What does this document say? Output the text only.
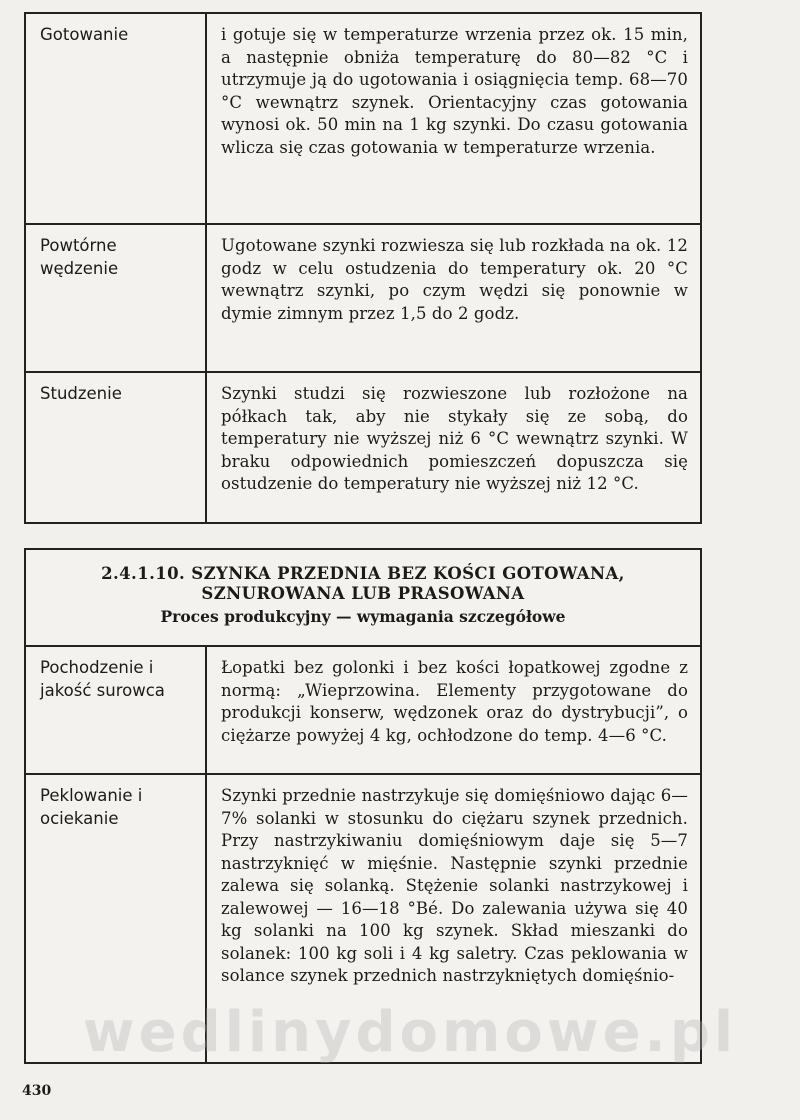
Gotowanie	i gotuje się w temperaturze wrzenia przez ok. 15 min, a następnie obniża temperaturę do 80—82 °C i utrzymuje ją do ugotowania i osiągnięcia temp. 68—70 °C wewnątrz szynek. Orientacyjny czas gotowania wynosi ok. 50 min na 1 kg szynki. Do czasu gotowania wlicza się czas gotowania w temperaturze wrzenia.
Powtórne wędzenie
Ugotowane szynki rozwiesza się lub rozkłada na ok. 12 godz w celu ostudzenia do temperatury ok. 20 °C wewnątrz szynki, po czym wędzi się ponownie w dymie zimnym przez 1,5 do 2 godz.
Studzenie	Szynki studzi się rozwieszone lub rozłożone na półkach tak, aby nie stykały się ze sobą, do temperatury nie wyższej niż 6 °C wewnątrz szynki. W braku odpowiednich pomieszczeń dopuszcza się ostudzenie do temperatury nie wyższej niż 12 °C.
2.4.1.10. SZYNKA PRZEDNIA BEZ KOŚCI GOTOWANA,
SZNUROWANA LUB PRASOWANA
Proces produkcyjny — wymagania szczegółowe
Pochodzenie i jakość surowca
Łopatki bez golonki i bez kości łopatkowej zgodne z normą: „Wieprzowina. Elementy przygotowane do produkcji konserw, wędzonek oraz do dystrybucji”, o ciężarze powyżej 4 kg, ochłodzone do temp. 4—6 °C.
Peklowanie i ociekanie
Szynki przednie nastrzykuje się domięśniowo dając 6—7% solanki w stosunku do ciężaru szynek przednich. Przy nastrzykiwaniu domięśniowym daje się 5—7 nastrzyknięć w mięśnie. Następnie szynki przednie zalewa się solanką. Stężenie solanki nastrzykowej i zalewowej — 16—18 °Bé. Do zalewania używa się 40 kg solanki na 100 kg szynek. Skład mieszanki do solanek: 100 kg soli i 4 kg saletry. Czas peklowania w solance szynek przednich nastrzykniętych domięśnio-
wedlinydomowe.pl
430
